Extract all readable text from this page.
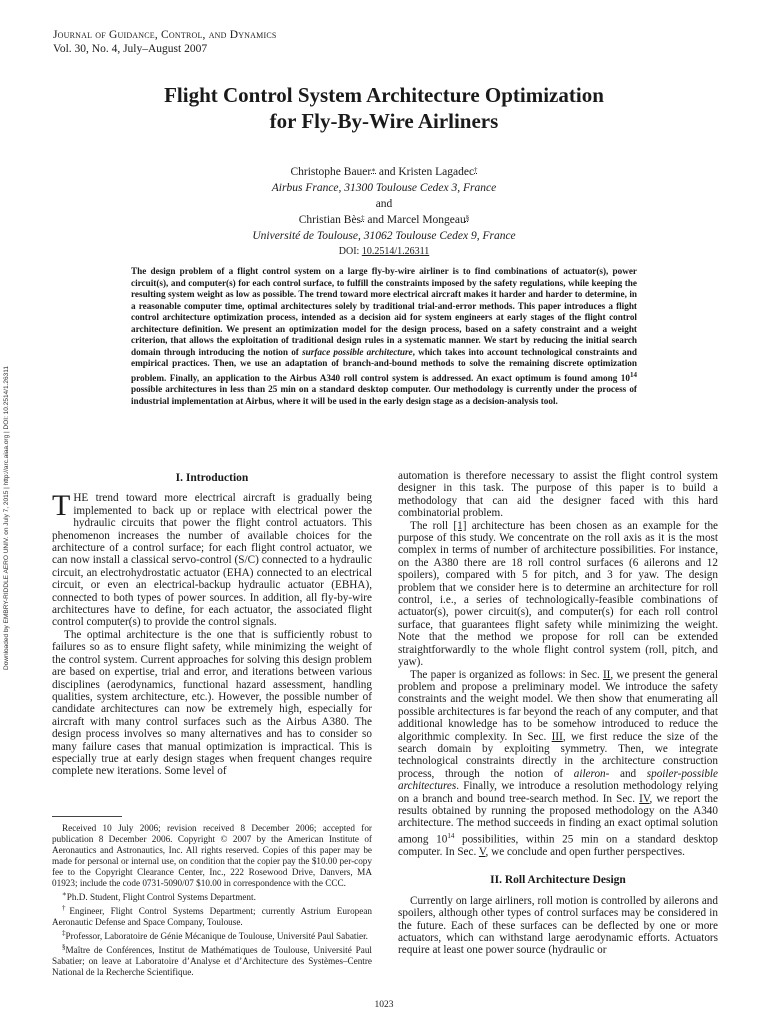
Journal of Guidance, Control, and Dynamics
Vol. 30, No. 4, July–August 2007
Downloaded by EMBRY-RIDDLE AERO UNIV. on July 7, 2015 | http://arc.aiaa.org | DOI: 10.2514/1.26311
Flight Control System Architecture Optimization
for Fly-By-Wire Airliners
Christophe Bauer∗ and Kristen Lagadec†
Airbus France, 31300 Toulouse Cedex 3, France
and
Christian Bès‡ and Marcel Mongeau§
Université de Toulouse, 31062 Toulouse Cedex 9, France
DOI: 10.2514/1.26311
The design problem of a flight control system on a large fly-by-wire airliner is to find combinations of actuator(s), power circuit(s), and computer(s) for each control surface, to fulfill the constraints imposed by the safety regulations, while keeping the resulting system weight as low as possible. The trend toward more electrical aircraft makes it harder and harder to determine, in a reasonable computer time, optimal architectures solely by traditional trial-and-error methods. This paper introduces a flight control architecture optimization process, intended as a decision aid for system engineers at early stages of the flight control architecture definition. We present an optimization model for the design process, based on a safety constraint and a weight criterion, that allows the exploitation of traditional design rules in a systematic manner. We start by reducing the initial search domain through introducing the notion of surface possible architecture, which takes into account technological constraints and empirical practices. Then, we use an adaptation of branch-and-bound methods to solve the remaining discrete optimization problem. Finally, an application to the Airbus A340 roll control system is addressed. An exact optimum is found among $10^{14}$ possible architectures in less than 25 min on a standard desktop computer. Our methodology is currently under the process of industrial implementation at Airbus, where it will be used in the early design stage as a decision-analysis tool.
I. Introduction

THE trend toward more electrical aircraft is gradually being implemented to back up or replace with electrical power the hydraulic circuits that power the flight control actuators. This phenomenon increases the number of available choices for the architecture of a control surface; for each flight control actuator, we can now install a classical servo-control (S/C) connected to a hydraulic circuit, an electrohydrostatic actuator (EHA) connected to an electrical circuit, or even an electrical-backup hydraulic actuator (EBHA), connected to both types of power sources. In addition, all fly-by-wire architectures have to define, for each actuator, the associated flight control computer(s) to provide the control signals.

The optimal architecture is the one that is sufficiently robust to failures so as to ensure flight safety, while minimizing the weight of the control system. Current approaches for solving this design problem are based on expertise, trial and error, and iterations between various disciplines (aerodynamics, functional hazard assessment, handling qualities, system architecture, etc.). However, the possible number of candidate architectures can now be extremely high, especially for aircraft with many control surfaces such as the Airbus A380. The design process involves so many alternatives and has to consider so many failure cases that manual optimization is impractical. This is especially true at early design stages when frequent changes require complete new iterations. Some level of

Received 10 July 2006; revision received 8 December 2006; accepted for publication 8 December 2006. Copyright © 2007 by the American Institute of Aeronautics and Astronautics, Inc. All rights reserved. Copies of this paper may be made for personal or internal use, on condition that the copier pay the $10.00 per-copy fee to the Copyright Clearance Center, Inc., 222 Rosewood Drive, Danvers, MA 01923; include the code 0731-5090/07 $10.00 in correspondence with the CCC.

∗Ph.D. Student, Flight Control Systems Department.

†Engineer, Flight Control Systems Department; currently Astrium European Aeronautic Defense and Space Company, Toulouse.

‡Professor, Laboratoire de Génie Mécanique de Toulouse, Université Paul Sabatier.

§Maître de Conférences, Institut de Mathématiques de Toulouse, Université Paul Sabatier; on leave at Laboratoire d’Analyse et d’Architecture des Systèmes–Centre National de la Recherche Scientifique.

automation is therefore necessary to assist the flight control system designer in this task. The purpose of this paper is to build a methodology that can aid the designer faced with this hard combinatorial problem.

The roll [1] architecture has been chosen as an example for the purpose of this study. We concentrate on the roll axis as it is the most complex in terms of number of architecture possibilities. For instance, on the A380 there are 18 roll control surfaces (6 ailerons and 12 spoilers), compared with 5 for pitch, and 3 for yaw. The design problem that we consider here is to determine an architecture for roll control, i.e., a series of technologically-feasible combinations of actuator(s), power circuit(s), and computer(s) for each roll control surface, that guarantees flight safety while minimizing the weight. Note that the method we propose for roll can be extended straightforwardly to the whole flight control system (roll, pitch, and yaw).

The paper is organized as follows: in Sec. II, we present the general problem and propose a preliminary model. We introduce the safety constraints and the weight model. We then show that enumerating all possible architectures is far beyond the reach of any computer, and that additional knowledge has to be somehow introduced to reduce the algorithmic complexity. In Sec. III, we first reduce the size of the search domain by exploiting symmetry. Then, we integrate technological constraints directly in the architecture construction process, through the notion of aileron- and spoiler-possible architectures. Finally, we introduce a resolution methodology relying on a branch and bound tree-search method. In Sec. IV, we report the results obtained by running the proposed methodology on the A340 architecture. The method succeeds in finding an exact optimal solution among $10^{14}$ possibilities, within 25 min on a standard desktop computer. In Sec. V, we conclude and open further perspectives.

II. Roll Architecture Design

Currently on large airliners, roll motion is controlled by ailerons and spoilers, although other types of control surfaces may be considered in the future. Each of these surfaces can be deflected by one or more actuators, which can withstand large aerodynamic efforts. Actuators require at least one power source (hydraulic or

1023
